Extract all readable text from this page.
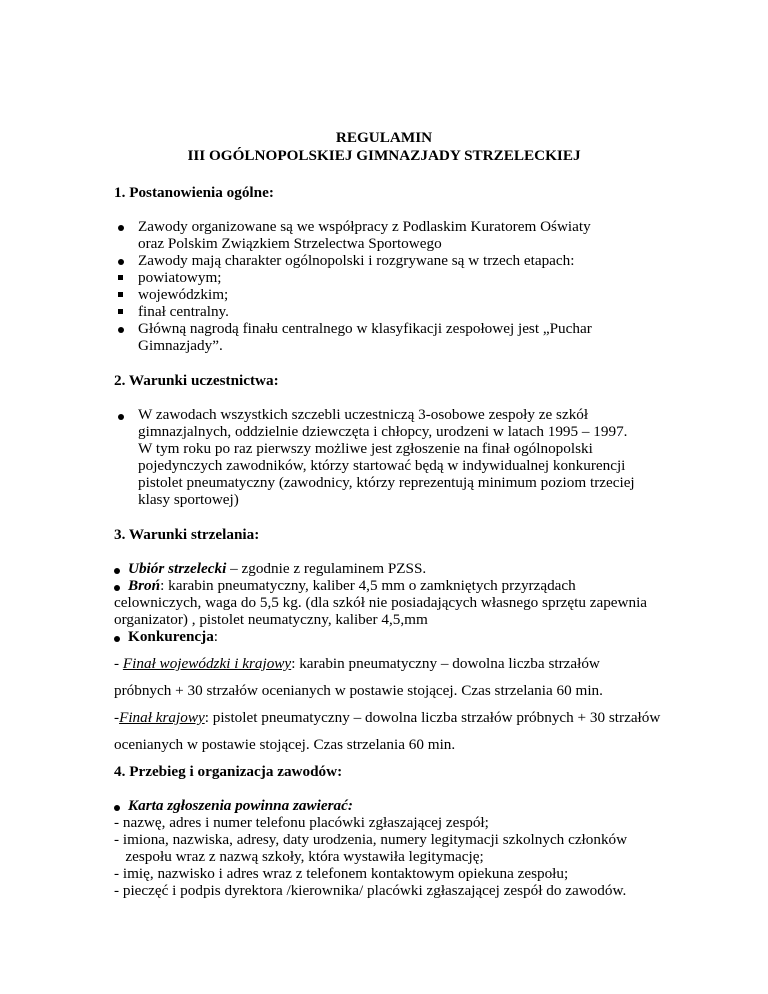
REGULAMIN
III OGÓLNOPOLSKIEJ GIMNAZJADY STRZELECKIEJ
1. Postanowienia ogólne:
Zawody organizowane są we współpracy z Podlaskim Kuratorem Oświaty
oraz Polskim Związkiem Strzelectwa Sportowego
Zawody mają charakter ogólnopolski i rozgrywane są w trzech etapach:
powiatowym;
wojewódzkim;
finał centralny.
Główną nagrodą finału centralnego w klasyfikacji zespołowej jest „Puchar
Gimnazjady”.
2. Warunki uczestnictwa:
W zawodach wszystkich szczebli uczestniczą 3-osobowe zespoły ze szkół
gimnazjalnych, oddzielnie dziewczęta i chłopcy, urodzeni w latach 1995 – 1997.
W tym roku po raz pierwszy możliwe jest zgłoszenie na finał ogólnopolski
pojedynczych zawodników, którzy startować będą w indywidualnej konkurencji
pistolet pneumatyczny (zawodnicy, którzy reprezentują minimum poziom trzeciej
klasy sportowej)
3. Warunki strzelania:
Ubiór strzelecki – zgodnie z regulaminem PZSS.
Broń: karabin pneumatyczny, kaliber 4,5 mm o zamkniętych przyrządach
celowniczych, waga do 5,5 kg. (dla szkół nie posiadających własnego sprzętu zapewnia
organizator) , pistolet neumatyczny, kaliber 4,5,mm
Konkurencja:
- Finał wojewódzki i krajowy: karabin pneumatyczny – dowolna liczba strzałów
próbnych + 30 strzałów ocenianych w postawie stojącej. Czas strzelania 60 min.
-Finał krajowy: pistolet pneumatyczny – dowolna liczba strzałów próbnych + 30 strzałów
ocenianych w postawie stojącej. Czas strzelania 60 min.
4. Przebieg i organizacja zawodów:
Karta zgłoszenia powinna zawierać:
- nazwę, adres i numer telefonu placówki zgłaszającej zespół;
- imiona, nazwiska, adresy, daty urodzenia, numery legitymacji szkolnych członków
zespołu wraz z nazwą szkoły, która wystawiła legitymację;
- imię, nazwisko i adres wraz z telefonem kontaktowym opiekuna zespołu;
- pieczęć i podpis dyrektora /kierownika/ placówki zgłaszającej zespół do zawodów.
